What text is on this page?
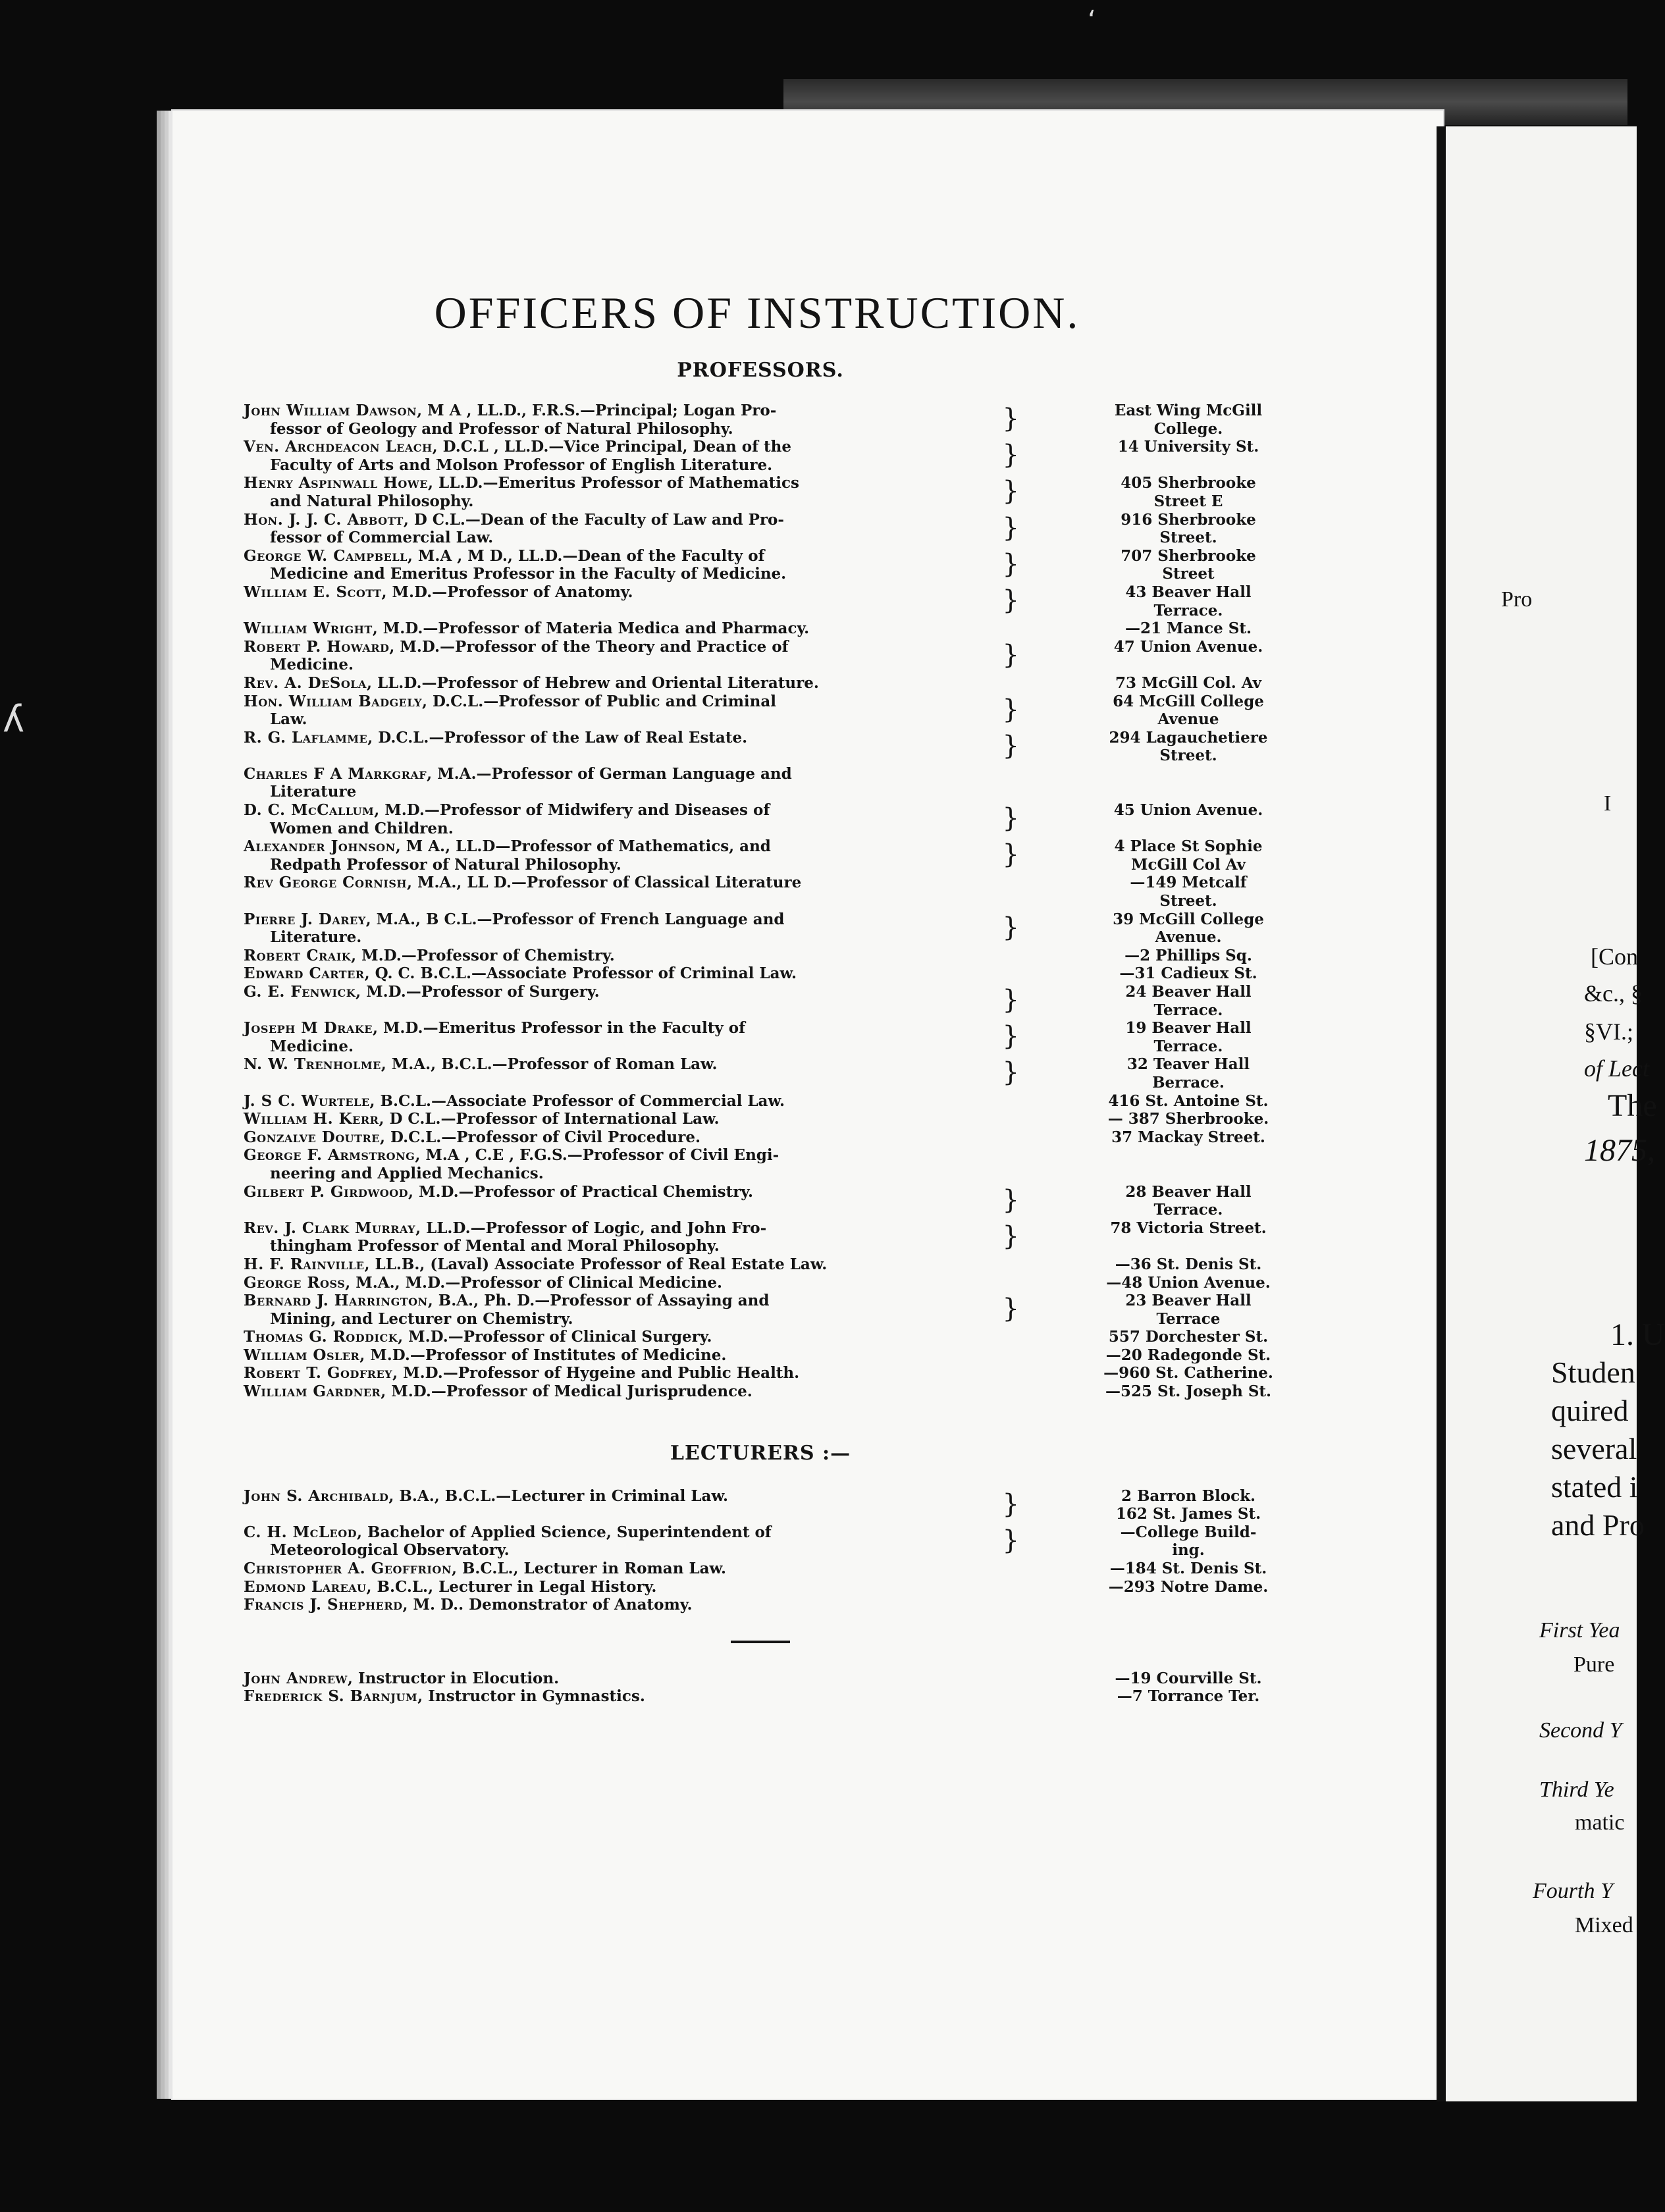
‘
ʎ
Pro
I
[Con
&c., §
§VI.;
of Lect
The
1875,
1. U
Studen
quired
several
stated i
and Pro
First Yea
Pure
Second Y
Third Ye
matic
Fourth Y
Mixed
OFFICERS OF INSTRUCTION.
PROFESSORS.
John William Dawson, M A , LL.D., F.R.S.—Principal; Logan Pro-
fessor of Geology and Professor of Natural Philosophy.	}	East Wing McGill
College.
Ven. Archdeacon Leach, D.C.L , LL.D.—Vice Principal, Dean of the
Faculty of Arts and Molson Professor of English Literature.	}	14 University St.
Henry Aspinwall Howe, LL.D.—Emeritus Professor of Mathematics
and Natural Philosophy.	}	405 Sherbrooke
Street E
Hon. J. J. C. Abbott, D C.L.—Dean of the Faculty of Law and Pro-
fessor of Commercial Law.	}	916 Sherbrooke
Street.
George W. Campbell, M.A , M D., LL.D.—Dean of the Faculty of
Medicine and Emeritus Professor in the Faculty of Medicine.	}	707 Sherbrooke
Street
William E. Scott, M.D.—Professor of Anatomy.	}	43 Beaver Hall
Terrace.
William Wright, M.D.—Professor of Materia Medica and Pharmacy.	—21 Mance St.
Robert P. Howard, M.D.—Professor of the Theory and Practice of
Medicine.	}	47 Union Avenue.
Rev. A. DeSola, LL.D.—Professor of Hebrew and Oriental Literature.	73 McGill Col. Av
Hon. William Badgely, D.C.L.—Professor of Public and Criminal
Law.	}	64 McGill College
Avenue
R. G. Laflamme, D.C.L.—Professor of the Law of Real Estate.	}	294 Lagauchetiere
Street.
Charles F A Markgraf, M.A.—Professor of German Language and
Literature
D. C. McCallum, M.D.—Professor of Midwifery and Diseases of
Women and Children.	}	45 Union Avenue.
Alexander Johnson, M A., LL.D—Professor of Mathematics, and
Redpath Professor of Natural Philosophy.	}	4 Place St Sophie
McGill Col Av
Rev George Cornish, M.A., LL D.—Professor of Classical Literature	—149 Metcalf Street.
Pierre J. Darey, M.A., B C.L.—Professor of French Language and
Literature.	}	39 McGill College
Avenue.
Robert Craik, M.D.—Professor of Chemistry.	—2 Phillips Sq.
Edward Carter, Q. C. B.C.L.—Associate Professor of Criminal Law.	—31 Cadieux St.
G. E. Fenwick, M.D.—Professor of Surgery.	}	24 Beaver Hall
Terrace.
Joseph M Drake, M.D.—Emeritus Professor in the Faculty of
Medicine.	}	19 Beaver Hall
Terrace.
N. W. Trenholme, M.A., B.C.L.—Professor of Roman Law.	}	32 Teaver Hall
Berrace.
J. S C. Wurtele, B.C.L.—Associate Professor of Commercial Law.	416 St. Antoine St.
William H. Kerr, D C.L.—Professor of International Law.	— 387 Sherbrooke.
Gonzalve Doutre, D.C.L.—Professor of Civil Procedure.	37 Mackay Street.
George F. Armstrong, M.A , C.E , F.G.S.—Professor of Civil Engi-
neering and Applied Mechanics.
Gilbert P. Girdwood, M.D.—Professor of Practical Chemistry.	}	28 Beaver Hall
Terrace.
Rev. J. Clark Murray, LL.D.—Professor of Logic, and John Fro-
thingham Professor of Mental and Moral Philosophy.	}	78 Victoria Street.
H. F. Rainville, LL.B., (Laval) Associate Professor of Real Estate Law.	—36 St. Denis St.
George Ross, M.A., M.D.—Professor of Clinical Medicine.	—48 Union Avenue.
Bernard J. Harrington, B.A., Ph. D.—Professor of Assaying and
Mining, and Lecturer on Chemistry.	}	23 Beaver Hall
Terrace
Thomas G. Roddick, M.D.—Professor of Clinical Surgery.	557 Dorchester St.
William Osler, M.D.—Professor of Institutes of Medicine.	—20 Radegonde St.
Robert T. Godfrey, M.D.—Professor of Hygeine and Public Health.	—960 St. Catherine.
William Gardner, M.D.—Professor of Medical Jurisprudence.	—525 St. Joseph St.
LECTURERS :—
John S. Archibald, B.A., B.C.L.—Lecturer in Criminal Law.	}	2 Barron Block.
162 St. James St.
C. H. McLeod, Bachelor of Applied Science, Superintendent of
Meteorological Observatory.	}	—College Build-
ing.
Christopher A. Geoffrion, B.C.L., Lecturer in Roman Law.	—184 St. Denis St.
Edmond Lareau, B.C.L., Lecturer in Legal History.	—293 Notre Dame.
Francis J. Shepherd, M. D.. Demonstrator of Anatomy.
John Andrew, Instructor in Elocution.	—19 Courville St.
Frederick S. Barnjum, Instructor in Gymnastics.	—7 Torrance Ter.
